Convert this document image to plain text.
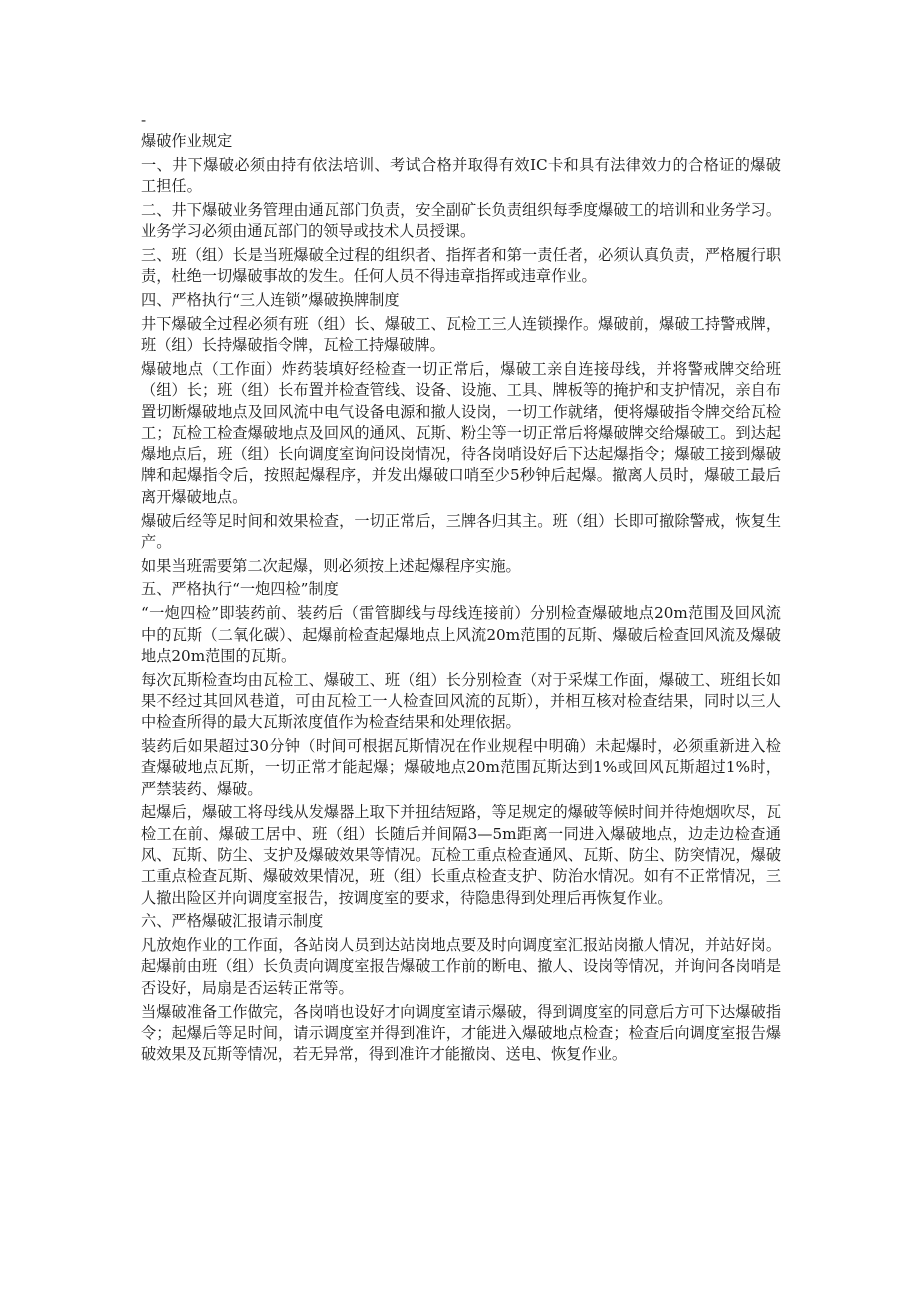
-

爆破作业规定

一、井下爆破必须由持有依法培训、考试合格并取得有效IC卡和具有法律效力的合格证的爆破工担任。

二、井下爆破业务管理由通瓦部门负责，安全副矿长负责组织每季度爆破工的培训和业务学习。业务学习必须由通瓦部门的领导或技术人员授课。

三、班（组）长是当班爆破全过程的组织者、指挥者和第一责任者，必须认真负责，严格履行职责，杜绝一切爆破事故的发生。任何人员不得违章指挥或违章作业。

四、严格执行“三人连锁”爆破换牌制度

井下爆破全过程必须有班（组）长、爆破工、瓦检工三人连锁操作。爆破前，爆破工持警戒牌，班（组）长持爆破指令牌，瓦检工持爆破牌。

爆破地点（工作面）炸药装填好经检查一切正常后，爆破工亲自连接母线，并将警戒牌交给班（组）长；班（组）长布置并检查管线、设备、设施、工具、牌板等的掩护和支护情况，亲自布置切断爆破地点及回风流中电气设备电源和撤人设岗，一切工作就绪，便将爆破指令牌交给瓦检工；瓦检工检查爆破地点及回风的通风、瓦斯、粉尘等一切正常后将爆破牌交给爆破工。到达起爆地点后，班（组）长向调度室询问设岗情况，待各岗哨设好后下达起爆指令；爆破工接到爆破牌和起爆指令后，按照起爆程序，并发出爆破口哨至少5秒钟后起爆。撤离人员时，爆破工最后离开爆破地点。

爆破后经等足时间和效果检查，一切正常后，三牌各归其主。班（组）长即可撤除警戒，恢复生产。

如果当班需要第二次起爆，则必须按上述起爆程序实施。

五、严格执行“一炮四检”制度

“一炮四检”即装药前、装药后（雷管脚线与母线连接前）分别检查爆破地点20m范围及回风流中的瓦斯（二氧化碳）、起爆前检查起爆地点上风流20m范围的瓦斯、爆破后检查回风流及爆破地点20m范围的瓦斯。

每次瓦斯检查均由瓦检工、爆破工、班（组）长分别检查（对于采煤工作面，爆破工、班组长如果不经过其回风巷道，可由瓦检工一人检查回风流的瓦斯），并相互核对检查结果，同时以三人中检查所得的最大瓦斯浓度值作为检查结果和处理依据。

装药后如果超过30分钟（时间可根据瓦斯情况在作业规程中明确）未起爆时，必须重新进入检查爆破地点瓦斯，一切正常才能起爆；爆破地点20m范围瓦斯达到1%或回风瓦斯超过1%时，严禁装药、爆破。

起爆后，爆破工将母线从发爆器上取下并扭结短路，等足规定的爆破等候时间并待炮烟吹尽，瓦检工在前、爆破工居中、班（组）长随后并间隔3—5m距离一同进入爆破地点，边走边检查通风、瓦斯、防尘、支护及爆破效果等情况。瓦检工重点检查通风、瓦斯、防尘、防突情况，爆破工重点检查瓦斯、爆破效果情况，班（组）长重点检查支护、防治水情况。如有不正常情况，三人撤出险区并向调度室报告，按调度室的要求，待隐患得到处理后再恢复作业。

六、严格爆破汇报请示制度

凡放炮作业的工作面，各站岗人员到达站岗地点要及时向调度室汇报站岗撤人情况，并站好岗。起爆前由班（组）长负责向调度室报告爆破工作前的断电、撤人、设岗等情况，并询问各岗哨是否设好，局扇是否运转正常等。

当爆破准备工作做完，各岗哨也设好才向调度室请示爆破，得到调度室的同意后方可下达爆破指令；起爆后等足时间，请示调度室并得到准许，才能进入爆破地点检查；检查后向调度室报告爆破效果及瓦斯等情况，若无异常，得到准许才能撤岗、送电、恢复作业。
